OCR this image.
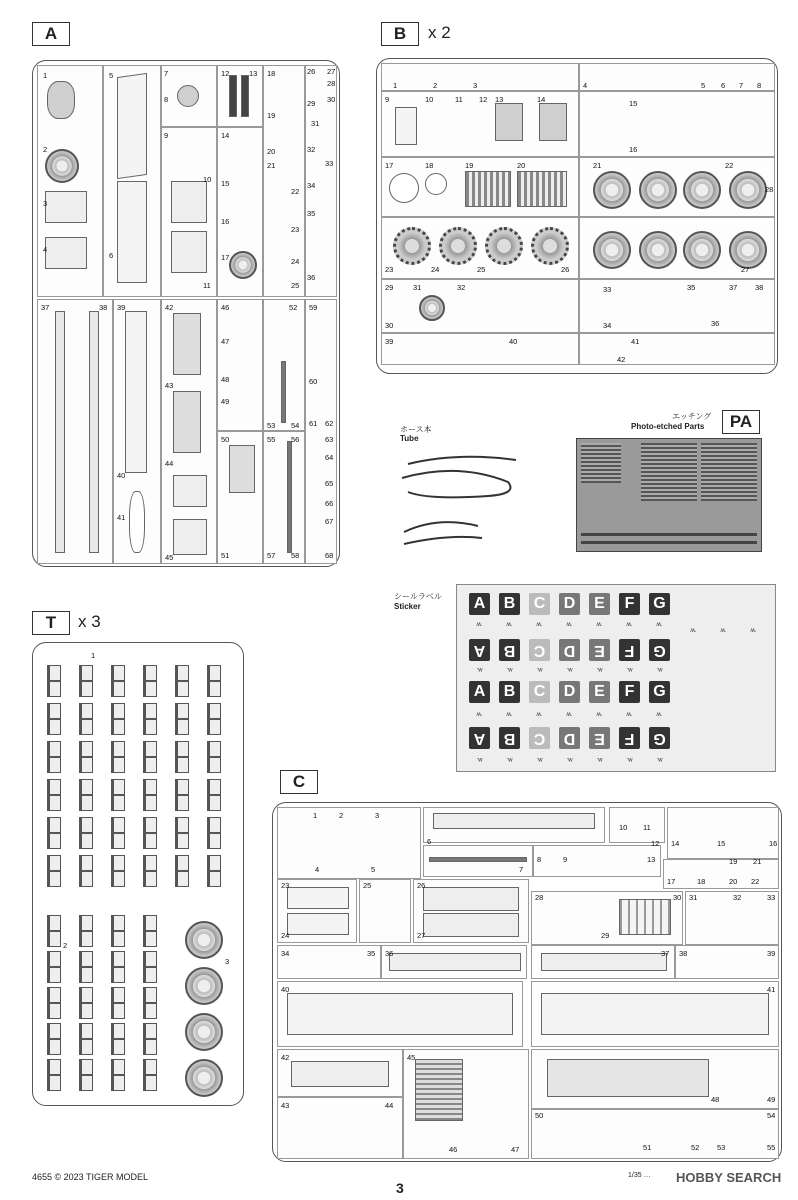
A
1
2
3
4
5
6
7
8
9
10
11
12	13
14
15
16
17
18
19
20
21
22
23
24
25
26 27
28
29 30
31
32
33
34
35
36
37	38 39
40
41
42
43
44
45
46
47
48
49
50
51
52
53 54
55 56
57 58
59
60
61 62
63
64
65
66
67
68
B	x 2
1	2	3	4	5 6 7 8
9	10	11 12 13	14	15
16
17	18	19	20	21	22
23	24	25	26	27
28
29
30
31	32	33
34
35
36
37 38
39	40	41
42
ホース本
Tube
エッチング
Photo-etched Parts	PA
シールラベル
Sticker	A B C D	E	F	G
A B C D	E	F	G
A B C D	E	F	G
A B C D	E	F	G
ʍ.	ʍ.	ʍ.	ʍ.	ʍ.	ʍ.	ʍ.
ʍ.	ʍ.	ʍ.	ʍ.	ʍ.	ʍ.	ʍ.
ʍ.	ʍ.	ʍ.	ʍ.	ʍ.	ʍ.	ʍ.
ʍ.	ʍ.	ʍ.	ʍ.	ʍ.	ʍ.	ʍ.
ʍ.	ʍ.	ʍ.
T	x 3
1
2
3
C
1	2	3
4	5
6
7
8	9
10 11
12
13
14	15	16
17	18
19
20
21
22
23
24
25	26
27
28
29
30 31	32	33
34	35 36	37 38	39
40	41
42
43	44
45
46	47
48	49
50
51	52 53
54
55
4655 © 2023 TIGER MODEL
3
1/35 … HOBBY SEARCH
